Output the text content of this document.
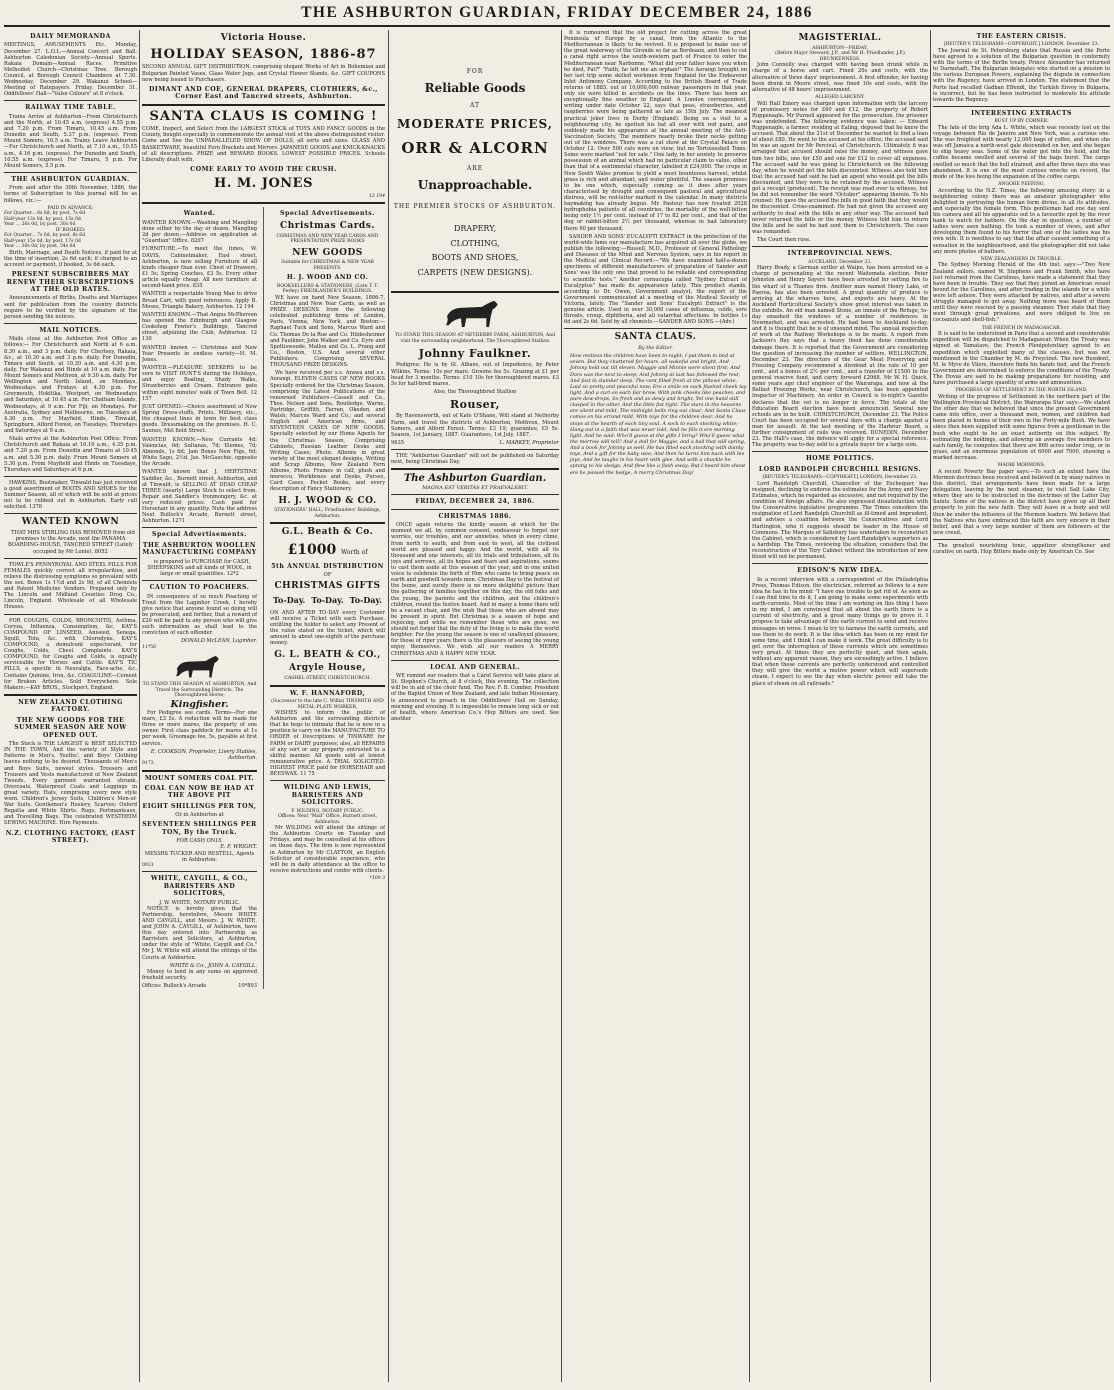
THE ASHBURTON GUARDIAN, FRIDAY DECEMBER 24, 1886
DAILY MEMORANDA

MEETINGS, AMUSEMENTS Etc. Monday, December 27. L.O.L.—Annual Concert and Ball. Ashburton Caledonian Society—Annual Sports. Rakaia Domain—Annual Races. Primitive Methodist Church—Christmas Tree. Borough Council, at Borough Council Chambers at 7.30. Wednesday, December 29. Wakanui School—Meeting of Ratepayers. Friday, December 31. Oddfellows' Hall—"Valse Colours" at 8 o'clock.

RAILWAY TIME TABLE.

Trains Arrive at Ashburton—From Christchurch and the North, at 10.45 a.m. (express) 4.55 p.m. and 7.20 p.m. From Timaru, 10.45 a.m. From Dunedin and South, 5.37 p.m. (express). From Mount Somers, 10.5 a.m. Trains Leave Ashburton—For Christchurch and North, at 7.10 a.m., 10.55 a.m., 4.16 p.m. (express). For Dunedin and South, 10.55 a.m. (express). For Timaru, 5 p.m. For Mount Somers, 5.5 p.m.

THE ASHBURTON GUARDIAN.

From and after the 30th November, 1886, the terms of Subscription to this journal will be as follows, viz.:—

PAID IN ADVANCE:
For Quarter... 6s 6d, by post, 7s 6d
Half-year 13s 0d, by post, 15s 0d
Year ... 26s 0d, by post, 30s 0d
IF BOOKED:
For Quarter... 7s 6d, by post, 8s 6d
Half-year 15s 0d, by post, 17s 0d
Year ... 30s 0d, by post, 34s 0d

Birth, Marriage, and Death Notices, if paid for at the time of insertion, 2s 6d each; if charged to an account or payment, if booked, 3s 6d each.

PRESENT SUBSCRIBERS MAY RENEW THEIR SUBSCRIPTIONS AT THE OLD RATES.

Announcements of Births, Deaths and Marriages sent for publication from the country districts require to be verified by the signature of the person sending the notices.

MAIL NOTICES.

Mails close at the Ashburton Post Office as follows:— For Christchurch and North at 6 a.m. 8.30 a.m., and 3 p.m. daily. For Chertsey, Rakaia, &c., at 10.30 a.m. and 3 p.m. daily. For Dunedin, Timaru and South, at 10.30 a.m. and 4.30 p.m. daily. For Wakanui and Hinds at 10 a.m. daily. For Mount Somers and Methven, at 9.30 a.m. daily. For Wellington and North Island, on Mondays, Wednesdays and Fridays at 4.30 p.m. For Greymouth, Hokitika, Westport, on Wednesdays and Saturdays, at 10.45 a.m. For Chatham Islands, Wednesdays, at 9 a.m. For Fiji, on Mondays. For Australia, Sydney and Melbourne, on Tuesdays at 4.30 p.m. For Mayfield, Hinds, Tinwald, Springburn, Alford Forest, on Tuesdays, Thursdays and Saturdays at 9 a.m.

Mails arrive at the Ashburton Post Office: From Christchurch and Rakaia at 10.10 a.m., 4.35 p.m. and 7.20 p.m. From Dunedin and Timaru at 10.45 a.m. and 5.30 p.m. daily. From Mount Somers at 5.30 p.m. From Mayfield and Hinds on Tuesdays, Thursdays and Saturdays at 6 p.m.

HAWKINS, Bootmaker, Tinwald has just received a good assortment of BOOTS AND SHOES for the Summer Season, all of which will be sold at prices not to be rubbed out in Ashburton. Early call solicited. 1378

WANTED KNOWN

THAT MRS STIRLING HAS REMOVED from old premises to the Arcade, next the PANAMA BOARDING-HOUSE, TANCRED STREET (Lately occupied by Mr Lonie). 8052

TOWLE'S PENNYROYAL AND STEEL PILLS FOR FEMALES quickly correct all irregularities, and relieve the distressing symptoms so prevalent with the sex. Boxes 1s 1½d and 2s 9d, of all Chemists and Patent Medicine Vendors. Prepared only by The Lincoln and Midland Counties Drug Co., Lincoln, England. Wholesale of all Wholesale Houses.

FOR COUGHS, COLDS, BRONCHITIS, Asthma, Coryza, Influenza, Consumption, &c. KAY'S COMPOUND OF LINSEED, Aniseed, Senega, Squill, Tolu, &c. with Chlorodyne. KAY'S COMPOUND, a demulcent expectorant, for Coughs, Colds, Chest Complaints. KAY'S COMPOUND, for Coughs and Colds, is equally serviceable for Horses and Cattle. KAY'S TIC PILLS, a specific in Neuralgia, Face-ache, &c. Contains Quinine, Iron, &c. COAGULINE—Cement for Broken Articles. Sold Everywhere. Sole Makers:—KAY BROS., Stockport, England.

NEW ZEALAND CLOTHING FACTORY.
THE NEW GOODS FOR THE SUMMER SEASON ARE NOW OPENED OUT.

The Stock is THE LARGEST & BEST SELECTED IN THE TOWN, And the variety of Style and Patterns in Men's, Youths', and Boys' Clothing leaves nothing to be desired. Thousands of Men's and Boys Suits, newest styles. Trousers and Trousers and Vests manufactured of New Zealand Tweeds. Every garment warranted shrunk. Overcoats, Waterproof Coats and Leggings in great variety. Hats, comprising every new style worn. Children's Jersey Suits, Children's Men-of-War Suits. Gentlemen's Hosiery, Scarves; Oxford Regatta and White Shirts. Rugs, Portmanteaus, and Travelling Bags. The celebrated WESTHEIM SEWING MACHINE. Hire Payments.

N.Z. CLOTHING FACTORY, (EAST STREET).
Victoria House.
HOLIDAY SEASON, 1886-87

SECOND ANNUAL GIFT DISTRIBUTION, comprising elegant Works of Art in Bohemian and Bulgarian Painted Vases, Glass Water Jugs, and Crystal Flower Stands, &c. GIFT COUPONS now being issued to Purchasers.

DIMANT AND COE, GENERAL DRAPERS, CLOTHIERS, &c., Corner East and Tancred streets, Ashburton.
SANTA CLAUS IS COMING !

COME, Inspect, and Select from the LARGEST STOCK of TOYS AND FANCY GOODS in the County, bought especially to commemorate the annual visit of the above distinguished visitor. Come and See the UNPARALLELED SHOW OF DOLLS, all sorts and sizes. GLASS AND BASKETWARE, beautiful Fern Brackets and Mirrors. JAPANESE GOODS and KNICK-KNACKS of all descriptions. PRIZE and REWARD BOOKS. LOWEST POSSIBLE PRICES. Schools Liberally dealt with.

COME EARLY TO AVOID THE CRUSH.
H. M. JONES
12 194
Wanted.

WANTED KNOWN.—Washing and Mangling done either by the day or dozen. Mangling 2d per dozen.—Address on application at "Guardian" Office. 8207

FURNITURE.—To meet the times, W. DAVIS, Cabinetmaker, East street, Ashburton, is now selling Furniture of all kinds cheaper than ever. Chest of Drawers, £1 5s; Spring Couches, £3 5s. Every other article equally cheap. All new furniture at second-hand price. 835

WANTED a respectable Young Man to drive Bread Cart, with good references. Apply B. Moses, Triangle Bakery, Ashburton. 12 194

WANTED KNOWN.—That Angus McPherson has opened the Edinburgh and Glasgow Cookshop Fowler's Buildings, Tancred street, adjoining the Club, Ashburton. 12 130

WANTED known — Christmas and New Year Presents in endless variety—H. M. Jones.

WANTED.—PLEASURE SEEKERS to be sure to VISIT HUNT'S during the Holidays, and enjoy Boating, Shady Walks, Strawberries and Cream. Entrance gate within eight minutes' walk of Town Belt. 12 157

JUST OPENED.—Choice assortment of New Spring Dress-stuffs, Prints, Millinery, etc., the cheapest lines in town for best class goods. Dressmaking on the premises. H. C. Saunes, Mel field Street.

WANTED KNOWN.—New Currants 4d; Valencias, 6d; Sultanas, 7d; Elemes, 7d; Almonds, 1s 6d; Jam Boxes New Figs, 6d; White Sago, 2½d. Jas. McGauchie, opposite the Arcade.

WANTED known that J. HERTSTINE Saddler, &c., Burnett street, Ashburton, and at Tinwald, is SELLING AT DEAD CHEAP THREE (nearly) Large Stock to select from. Repair and Saddler's Ironmongery, &c. at very reduced prices. Cash paid for Horsehair in any quantity. Note the address Next Bullock's Arcade, Burnett street, Ashburton. 1271

Special Advertisements.
THE ASHBURTON WOOLLEN MANUFACTURING COMPANY

is prepared to PURCHASE for CASH, SHEEPSKINS and all kinds of WOOL, in large or small quantities. 12*2

CAUTION TO POACHERS.

IN consequence of so much Poaching of Trout from the Lagmhor Creek, I hereby give notice that anyone found so doing will be prosecuted; and further, that a reward of £20 will be paid to any person who will give such information as shall lead to the conviction of such offender.

DONALD McLEAN, Lagmhor.
11*56
TO STAND THIS SEASON AT ASHBURTON, And Travel the Surrounding Districts, The Thoroughbred Horse,
Kingfisher.

For Pedigree see cards. Terms—For one mare, £3 5s. A reduction will be made for three or more mares, the property of one owner. First class paddock for mares at 1s per week. Groomage fee, 5s, payable at first service.

E. COOKSON, Proprietor, Livery Stables, Ashburton.
9173
MOUNT SOMERS COAL PIT.
COAL CAN NOW BE HAD AT THE ABOVE PIT
EIGHT SHILLINGS PER TON,
Or in Ashburton at
SEVENTEEN SHILLINGS PER TON, By the Truck.
FOR CASH ONLY.
E. F. WRIGHT.
MESSRS TUCKER AND RESTELL, Agents in Ashburton.
0931
WHITE, CAYGILL, & CO., BARRISTERS AND SOLICITORS,
J. W. WHITE, NOTARY PUBLIC.

NOTICE is hereby given that the Partnership, heretofore, Messrs WHITE AND CAYGILL, and Messrs. J. W. WHITE, and JOHN A. CAYGILL, of Ashburton, have this day entered into Partnership as Barristers and Solicitors, at Ashburton, under the style of "White, Caygill and Co." Mr J. W. White will attend the sittings of the Courts at Ashburton.

WHITE & Co., JOHN A. CAYGILL.

Money to lend in any sums on approved freehold security.

Offices: Bullock's Arcade	10*893
Special Advertisements.
Christmas Cards.
CHRISTMAS AND NEW YEAR CARDS AND PRESENTATION PRIZE BOOKS
NEW GOODS
Suitable for CHRISTMAS & NEW YEAR PRESENTS.
H. J. WOOD AND CO.
BOOKSELLERS & STATIONERS, (Late T. T. Ferley) FRIEDLANDER'S BUILDINGS.

WE have on hand New Season, 1886-7, Christmas and New Year Cards, as well as PRIZE DESIGNS from the following celebrated publishing firms of London, Paris, Vienna, New York, and Boston:— Raphael Tuck and Sons, Marcus Ward and Co. Thomas De la Rue and Co. Hildesheimer and Faulkner, John Walker and Co. Eyre and Spottiswoode, Mallon and Co. L. Prang and Co., Boston, U.S. And several other Publishers. Comprising SEVERAL THOUSAND PRIZE DESIGNS.

We have received per s.s. Arawa and s.s. Aorangi, ELEVEN CASES OF NEW BOOKS Specially ordered for the Christmas Season, comprising the Latest Publications of the renowned Publishers—Cassell and Co., Thos. Nelson and Sons, Routledge, Warne, Partridge, Griffith, Farran, Okeden, and Walsh; Marcus Ward and Co.; and several English and American firms, and SEVENTEEN CASES OF NEW GOODS, Specially selected by our Home Agents for the Christmas Season, Comprising Cabinets, Russian Leather Desks and Writing Cases; Photo. Albums in great variety of the most elegant designs, Writing and Scrap Albums, New Zealand Fern Albums, Photo. Frames in calf, plush and morocco, Workboxes and Desks, Purses, Card Cases, Pocket Books, and every description of Fancy Stationery.

H. J. WOOD & CO.
STATIONERS' HALL, Friedlanders' Buildings, Ashburton.
G.L. Beath & Co.
£1000 Worth of
5th ANNUAL DISTRIBUTION
OF
CHRISTMAS GIFTS
To-Day. To-Day. To-Day.

ON AND AFTER TO-DAY every Customer will receive a Ticket with each Purchase, entitling the holder to select any Present of the value stated on the ticket, which will amount to about one-eighth of the purchase money.

G. L. BEATH & CO.,
Argyle House,
CASHEL STREET, CHRISTCHURCH.
W. F. HANNAFORD,
(Successor to the late C. Willis) TINSMITH AND METAL-PLATE WORKER,

WISHES to inform the public of Ashburton and the surrounding districts that he begs to intimate that he is now in a position to carry on the MANUFACTURE TO ORDER of Descriptions of TINWARE for FARM or DAIRY purposes; also, all REPAIRS of any sort or any property entrusted to a skilful manner. All goods sold at lowest remunerative price. A TRIAL SOLICITED. HIGHEST PRICE paid for HORSEHAIR and BEESWAX. 11 75

WILDING AND LEWIS, BARRISTERS AND SOLICITORS.
F. WILDING, NOTARY PUBLIC.
Offices: Next "Mail" Office, Burnett street, Ashburton.

Mr WILDING will attend the sittings of the Ashburton Courts on Tuesday and Fridays, and may be consulted at his offices on those days. The firm is now represented in Ashburton by Mr CLAYTON, an English Solicitor of considerable experience, who will be in daily attendance at the office to receive instructions and confer with clients.

*109 3
FOR
Reliable Goods
AT
MODERATE PRICES,
ORR & ALCORN
ARE
Unapproachable.
THE PREMIER STOCKS OF ASHBURTON.
DRAPERY,
CLOTHING,
BOOTS AND SHOES,
CARPETS (NEW DESIGNS).
TO STAND THIS SEASON AT NETHERBY FARM, ASHBURTON, And visit the surrounding neighborhood, The Thoroughbred Stallion
Johnny Faulkner.

Pedigree: He is by St. Albans, out of Impudence, by Peter Wilkins. Terms: 10s per mare. Grooms fee 5s. Grazing at £1 per head for 3 months. Terms: £10 10s for thoroughbred mares. £3 5s for half-bred mares.

Also, the Thoroughbred Stallion
Rouser,

By Ravensworth, out of Kate O'Shane, Will stand at Netherby Farm, and travel the districts of Ashburton, Methven, Mount Somers, and Alford Forest. Terms: £3 10; guarantee, £5 5s. Season, 1st January, 1887. Guarantees, 1st July, 1887.

9635	L. MARKEY, Proprietor

THE "Ashburton Guardian" will not be published on Saturday next, being Christmas Day.

The Ashburton Guardian.
MAGNA EST VERITAS ET PRAEVALEBIT.
FRIDAY, DECEMBER 24, 1886.
CHRISTMAS 1886.

ONCE again returns the kindly season at which for the moment we all, by common consent, endeavour to forget our worries, our troubles, and our anxieties, when in every clime, from north to south, and from east to west, all the civilised world are pleased and happy. And the world, with all its thousand and one interests, all its trials and tribulations, all its joys and sorrows, all its hopes and fears and aspirations, seems to cast them aside at this season of the year, and in one united voice to celebrate the birth of Him who came to bring peace on earth and goodwill towards men. Christmas Day is the festival of the home, and surely there is no more delightful picture than the gathering of families together on this day, the old folks and the young, the parents and the children, and the children's children, round the festive board. And in many a home there will be a vacant chair, and the wish that those who are absent may be present in spirit. But Christmas is a season of hope and rejoicing, and while we remember those who are gone, we should not forget that the duty of the living is to make the world brighter. For the young the season is one of unalloyed pleasure; for those of riper years there is the pleasure of seeing the young enjoy themselves. We wish all our readers A MERRY CHRISTMAS AND A HAPPY NEW YEAR.

LOCAL AND GENERAL.

WE remind our readers that a Carol Service will take place at St. Stephen's Church, at 8 o'clock, this evening. The collection will be in aid of the choir fund. The Rev. F. B. Comber, President of the Baptist Union of New Zealand, and late Indian Missionary, is announced to preach in the Oddfellows' Hall on Sunday, morning and evening. It is impossible to remain long sick or out of health, where American Co.'s Hop Bitters are used. See another

It is rumoured that the old project for cutting across the great Peninsula of Europe by a canal, from the Atlantic to the Mediterranean is likely to be revived. It is proposed to make use of the great waterway of the Gironde so far as Bordeaux, and then to cut a canal right across the south-western part of France to enter the Mediterranean near Narbonne. "What did your father leave you when he died, Pat?" "Faith, he left me an orphan!" The Aorangi brought on her last trip some skilled workmen from England for the Endeavour Inlet Antimony Company. According to the British Board of Trade returns of 1885, out of 10,000,000 railway passengers in that year, only six were killed in accidents on the lines. There has been an exceptionally fine weather in England. A London correspondent, writing under date October 22, says that peas, strawberries, and raspberries were being gathered as late as 15th July. The meanest practical joker lives in Derby (England). Being on a visit to a neighbouring city, he spotted his hat all over with red paint, and suddenly made his appearance at the annual meeting of the Anti-Vaccination Society. The members nearly broke their necks getting out of the windows. There was a cat show at the Crystal Palace on October 12. Over 500 cats were on view; but no Tortoiseshell Toms. Some were marked "not for sale." One lady, in her anxiety to preserve possession of an animal which had no particular claim to value, other than that of a sentimental character, labelled it £24,000. The crops in New South Wales promise to yield a most bounteous harvest, whilst grass is rich and abundant, and water plentiful. The season promises to be one which, especially coming as it does after years characterised by drought and consequent pastoral and agricultural distress, will be red-letter marked in the calendar. In many districts haymaking has already begun. Mr. Pasteur has now treated 2028 hydrophobia patients of all countries, the mortality of the well-bitten being only 1½ per cent. instead of 17 to 82 per cent., and that of the dog or rabbit-bitten 2½ per thousand, whereas in bad laboratory there 60 per thousand.

SANDER AND SONS' EUCALYPTI EXTRACT in the protection of the world-wide fame our manufacture has acquired all over the globe, we publish the following:—Russell, M.D., Professor of General Pathology and Diseases of the Mind and Nervous System, says in his report in the Medical and Clinical Record:—"We have examined half-a-dozen specimens of different manufacturers of preparation of Sander and Sons' was the only one that proved to be reliable and corresponding to scientific tests." Another cornucopia called "Sydney Extract of Eucalyptus" has made its appearance lately. This product stands, according to Dr. Owen, Government analyst, the report of the Government communicated at a meeting of the Medical Society of Victoria, lately. The "Sander and Sons' Eucalypti Extract" is the genuine article. Used in over 30,000 cases of influenza, colds, sore throats, croup, diphtheria, and all catarrhal affections. In bottles 1s 6d and 2s 6d. Sold by all chemists.—SANDER AND SONS.—(Adv.)

SANTA CLAUS.
By the Editor.
How restless the children have been to-night; I put them to bed at seven. But they chattered for hours, all wakeful and bright, And Johnny held out till eleven. Maggie and Minnie were silent first; And Dora was the next to sleep; And Johnny at last has followed the rest; And fast in slumber deep. The cent filled fresh at the pillows white, Laid so pretty and peaceful now; Ere a smile on each flushed cheek lay light, And a curl on each fair brow. With pink cheeks like peaches, and pure dew-drops, So fresh and so dewy and bright; Yet one hand still clasped in the other, And the little fist tight. The stars in the heavens are silent and mild, The midnight bells ring out clear; And Santa Claus comes on his errand mild, With toys for the children dear. And he stops at the hearth of each tiny soul, A sock to each stocking white; Hung out in a faith that was never told, And he fills it ere morning light. And he said: Who'll guess at the gifts I bring? Who'll guess what the morrow will tell? And a doll for Maggie, and a ball that will spring, And a book for Johnny as well. He has filled each stocking with dainty toys, And a gift for the baby wee; And then he turns him back with his joys, And he laughs in his heart with glee. And with a chuckle he sprang to his sledge, And flew like a flash away; But I heard him shout ere he passed the hedge, A merry Christmas Day!
MAGISTERIAL.
ASHBURTON—FRIDAY.
(Before Major Steward, J.P., and Mr H. Friedlander, J.P.)
DRUNKENNESS.

John Connelly was charged with having been drunk while in charge of a horse and cart. Fined 20s and costs, with the alternative of three days' imprisonment. A first offender, for having been drunk in Moore street, was fined 10s and costs, with the alternative of 48 hours' imprisonment.

ALLEGED LARCENY.

Will Hall Emery was charged upon information with the larceny of promissory notes for £60 and £12, the property of Robert Ruppenagle. Mr Purnell appeared for the prosecution, the prisoner was undefended. The following evidence was taken: — Edward Ruppenagle, a farmer, residing at Ealing, deposed that he knew the accused. That about the 21st of December he wanted to find a loan of about £80. He went to the accused at his office; the accused said he was an agent for Mr Percival, of Christchurch. Ultimately it was arranged that accused should raise the money, and witness gave him two bills, one for £50 and one for £12 to cover all expenses. The accused said he was going to Christchurch on the following day, when he would get the bills discounted. Witness also told him that the accused had said he had an agent who would get the bills discounted, and they were to be retained by the accused. Witness got a receipt (produced). The receipt was read over to witness, but he did not remember the word "October" appearing therein. To his counsel: He gave the accused the bills in good faith that they would be discounted. Cross-examined: He had not given the accused any authority to deal with the bills in any other way. The accused had never returned the bills or the money. Witness told him to return the bills and he said he had sent them to Christchurch. The case was remanded.

The Court then rose.

INTERPROVINCIAL NEWS.
AUCKLAND, December 23.

Harry Brady, a German settler at Waipu, has been arrested on a charge of personating at the recent Waitemata election. Peter Johnston and Henry Sayers have been arrested for setting fire to the wharf of a Thames firm. Another man named Henry Lake, of Paeroa, has also been arrested. A great quantity of produce is arriving at the wharves here, and exports are heavy. At the Auckland Horticultural Society's show great interest was taken in the exhibits. An old man named Stone, an inmate of the Refuge, to-day smashed the windows of a number of residences in Newmarket, and was arrested. He had been to Auckland to-day, and it is thought that he is of unsound mind. The annual inspection of work at the Railway Workshops is to be made. A report from Jackson's Bay says that a heavy flood has done considerable damage there. It is reported that the Government are considering the question of increasing the number of settlers. WELLINGTON, December 23. The directors of the Gear Meat Preserving and Freezing Company recommend a dividend at the rate of 10 per cent., and a bonus of 2½ per cent., and a transfer of £1500 to the general reserve fund, and carry forward £2068. Mr W. H. Quick, some years ago chief engineer of the Wairarapa, and now at the Belfast Freezing Works, near Christchurch, has been appointed Inspector of Machinery. An order in Council is to-night's Gazette declares that the vet is no longer in force. The totals at the Education Board election have been announced. Several new schools are to be built. CHRISTCHURCH, December 23. The Police Court has been occupied for several days with a charge against a man for assault. At the last meeting of the Harbour Board, a further consignment of rails was received. DUNEDIN, December 23. The Hall's case, the defence will apply for a special reference. The property was to-day sold to a private buyer for a large sum.

HOME POLITICS.
LORD RANDOLPH CHURCHILL RESIGNS.
[REUTER'S TELEGRAMS—COPYRIGHT.] LONDON, December 23.

Lord Randolph Churchill, Chancellor of the Exchequer, has resigned, declining to endorse the estimates for the Army and Navy Estimates, which he regarded as excessive, and not required by the condition of foreign affairs. He also expressed dissatisfaction with the Conservative legislative programme. The Times considers the resignation of Lord Randolph Churchill as ill-timed and imprudent, and advises a coalition between the Conservatives and Lord Hartington, who it suggests should be leader in the House of Commons. The Marquis of Salisbury has undertaken to reconstruct the Cabinet, which is considered by Lord Randolph's supporters as a hardship. The Times, reviewing the situation, considers that the reconstruction of the Tory Cabinet without the introduction of new blood will not be permanent.

EDISON'S NEW IDEA.

In a recent interview with a correspondent of the Philadelphia Press, Thomas Edison, the electrician, referred as follows to a new idea he has in his mind: "I have one trouble to get rid of. As soon as I can find time to do it, I am going to make some experiments with earth-currents. Most of the time I am working on this thing I have in my mind, I am convinced that all about the earth there is a current of electricity, and a great many things go to prove it. I propose to take advantage of this earth current to send and receive messages on wires. I mean to try to harness the earth currents, and use them to do work. It is the idea which has been in my mind for some time, and I think I can make it work. The great difficulty is to get over the interruption of these currents which are sometimes very great. At times they are perfectly quiet, and then again, without any apparent reason, they are exceedingly active. I believe that when these currents are perfectly understood and controlled they will give the world a motive power which will supersede steam. I expect to see the day when electric power will take the place of steam on all railroads."

THE EASTERN CRISIS.
[REUTER'S TELEGRAMS—COPYRIGHT.] LONDON, December 23.

The Journal de St. Petersburg states that Russia and the Porte have agreed to a solution of the Bulgarian question in conformity with the terms of the Berlin treaty. Prince Alexander has returned to Darmstadt. The Bulgarian delegates who started on a mission to the various European Powers, explaining the dispute in connection with the Regency, have arrived in London. The statement that the Porte had recalled Gadban Effendi, the Turkish Envoy in Bulgaria, is incorrect, but he has been instructed to moderate his attitude towards the Regency.

INTERESTING EXTRACTS
BUST UP BY CORNER.

The fate of the brig Ada L. White, which was recently lost on the voyage between Rio de Janeiro and New York, was a curious one. She was freighted with nearly 12,000 bags of coffee, and when she was off Jamaica a north-west gale descended on her, and she began to ship heavy seas. Some of the water got into the hold, and the coffee became swelled and several of the bags burst. The cargo swelled so much that the hull strained, and after three days she was abandoned. It is one of the most curious wrecks on record, the mode of the loss being the expansion of the coffee cargo.

ANGORE PEEPING.

According to the N.Z. Times, the following amusing story: in a neighbouring colony there was an amateur photographer who delighted in portraying the human form divine, in all its attitudes, and especially the female form. This gentleman had one day sent his camera and all his apparatus out to a favourite spot by the river bank to watch for bathers. On the day in question, a number of ladies were seen bathing. He took a number of views, and after developing them found to his horror that one of the ladies was his own wife. It is needless to say that the affair caused something of a sensation in the neighbourhood, and the photographer did not take any more photos of bathers.

NEW ZEALANDERS IN TROUBLE.

The Sydney Morning Herald of the 4th inst. says:—"Two New Zealand sailors, named W. Stephens and Frank Smith, who have just returned from the Carolines, have made a statement that they have been in trouble. They say that they joined an American vessel bound for the Carolines, and after trading in the islands for a while were left ashore. They were attacked by natives, and after a severe struggle managed to get away. Nothing more was heard of them until they were rescued by a passing steamer. They state that they went through great privations, and were obliged to live on cocoanuts and shell-fish."

THE FRENCH IN MADAGASCAR.

It is said to be understood in Paris that a second and considerable expedition will be dispatched to Madagascar. When the Treaty was signed at Tamatave, the French Plenipotentiary agreed to an expedition which exploited many of the clauses, but was not mentioned in the Chamber by M. de Freycinet. The new Resident, M. le Myre de Vilers, therefore finds his hands tied, and the French Government are determined to enforce the conditions of the Treaty. The Hovas are said to be making preparations for resisting, and have purchased a large quantity of arms and ammunition.

PROGRESS OF SETTLEMENT IN THE NORTH ISLAND.

Writing of the progress of Settlement in the northern part of the Wellington Provincial District, the Wairarapa Star says:—We stated the other day that we believed that since the present Government came into office, over a thousand men, women, and children had been placed in homes of their own in the Forty-mile Bush. We have since then been supplied with some figures from a gentleman in the bush who ought to be an exact authority on this subject. By estimating the holdings, and allowing an average five members to each family, he computes that there are 860 acres under crop, or in grass, and an enormous population of 6000 and 7000, showing a marked increase.

MAORI MORMONS.

A recent Poverty Bay paper says:—To such an extent have the Mormon doctrines been received and believed in by many natives in this district, that arrangements have been made for a large delegation, leaving by the next steamer, to visit Salt Lake City, where they are to be instructed in the doctrines of the Latter Day Saints. Some of the natives in the district have given up all their property to join the new faith. They will leave in a body and will then be under the influence of the Mormon leaders. We believe that the Natives who have embraced this faith are very sincere in their belief, and that a very large number of them are followers of the new creed.

The greatest nourishing tonic, appetizer strengthener and curative on earth. Hop Bitters made only by American Co. See
